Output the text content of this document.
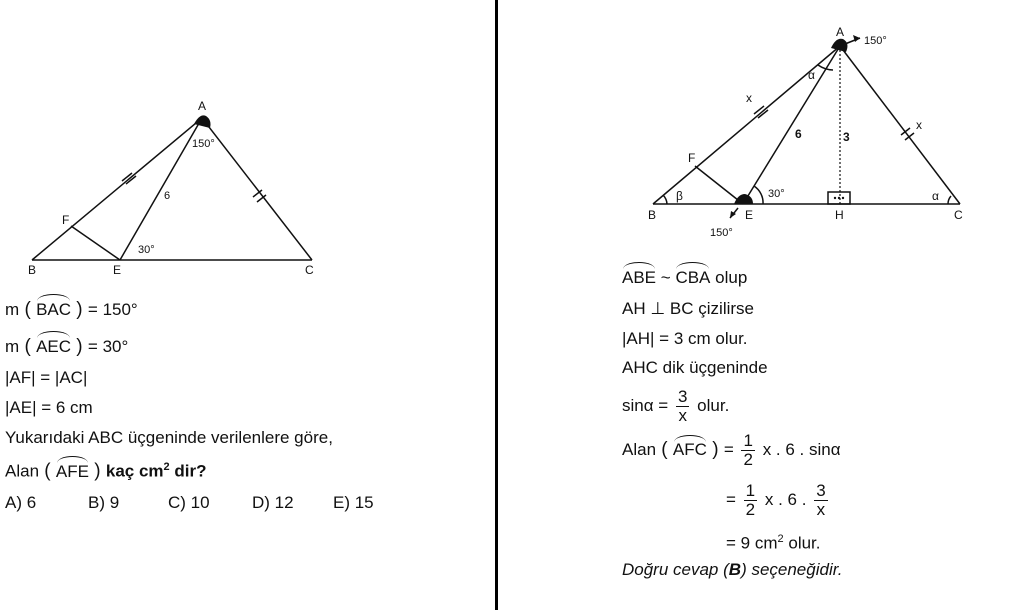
A
B	C
E
F
150°
6
30°
m ( BAC ) = 150°
m ( AEC ) = 30°
|AF| = |AC|
|AE| = 6 cm
Yukarıdaki ABC üçgeninde verilenlere göre,
Alan ( AFE ) kaç $cm^2$ dir?
A) 6	B) 9	C) 10 D) 12 E) 15
A
150°
B	C
E	H
F
150°
x
x
6	3
α
α
β	30°
ABE ~ CBA olup
AH ⊥ BC çizilirse
|AH| = 3 cm olur.
AHC dik üçgeninde
$\sin\alpha = \frac{3}{x}$ olur.
Alan ( AFC ) = $\frac{1}{2}$ x . 6 . sinα
= $\frac{1}{2}$ x . 6 . $\frac{3}{x}$
= 9 $cm^2$ olur.
Doğru cevap (B) seçeneğidir.
